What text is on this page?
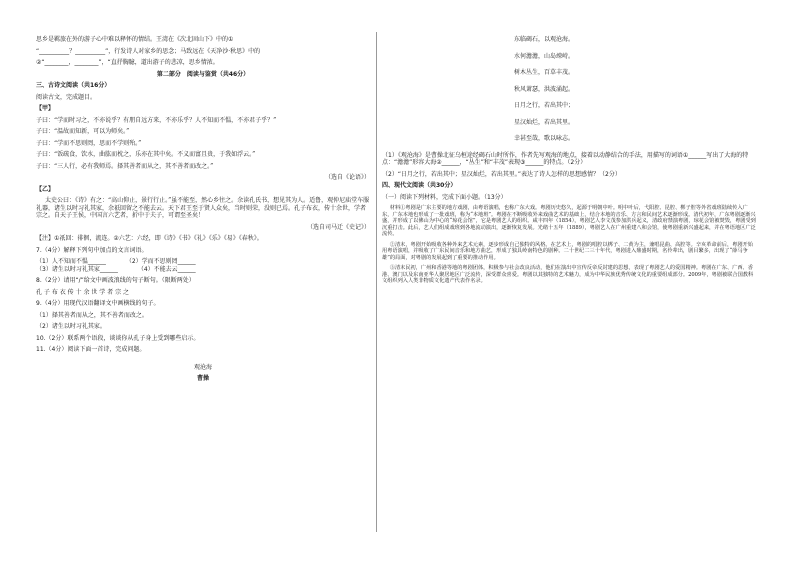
思乡是羁旅在外的游子心中难以释怀的情结。王湾在《次北固山下》中的①

“__________？__________”，行发诗人对家乡的思念；马致远在《天净沙·秋思》中的

②“________，________”，“直抒胸臆，道出游子的悲凉，思乡情浓。

第二部分　阅读与鉴赏（共46分）

三、古诗文阅读（共16分）

阅读古文，完成题目。

【甲】

子曰：“学而时习之，不亦说乎？有朋自远方来，不亦乐乎？人不知而不愠，不亦君子乎？”

子曰：“温故而知新，可以为师矣。”

子曰：“学而不思则罔，思而不学则殆。”

子曰：“饭疏食，饮水，曲肱而枕之，乐亦在其中矣。不义而富且贵，于我如浮云。”

子曰：“三人行，必有我师焉。择其善者而从之，其不善者而改之。”

（选自《论语》）

【乙】

太史公曰：《诗》有之：“高山仰止，景行行止。”虽不能至，然心乡往之。余读孔氏书，想见其为人。适鲁，观仲尼庙堂车服礼器，诸生以时习礼其家，余祇回留之不能去云。天下君王至于贤人众矣，当时则荣，没则已焉。孔子布衣，传十余世，学者宗之。自天子王侯，中国言六艺者，折中于夫子，可谓至圣矣！

（选自司马迁《史记》）

【注】①祇回：徘徊，流连。②六艺：六经，即《诗》《书》《礼》《乐》《易》《春秋》。

7.（4分）解释下列句中加点的文言词语。

（1）人不知而不愠______	（2）学而不思则罔______
（3）诸生以时习礼其家______	（4）不能去云______

8.（2分）请用“/”给文中画波浪线的句子断句。（限断两处）

孔 子 布 衣 传 十 余 世 学 者 宗 之

9.（4分）用现代汉语翻译文中画横线的句子。

（1）择其善者而从之，其不善者而改之。

（2）诸生以时习礼其家。

10.（2分）联系两个语段，谈谈你从孔子身上受到哪些启示。

11.（4分）阅读下面一首诗，完成问题。

观沧海

曹操

东临碣石，以观沧海。

水何澹澹，山岛竦峙。

树木丛生，百草丰茂。

秋风萧瑟，洪波涌起。

日月之行，若出其中；

星汉灿烂，若出其里。

幸甚至哉，歌以咏志。

（1）《观沧海》是曹操北征乌桓途经碣石山时所作，作者先写观海的地点，接着以动静结合的手法，用描写的词语①______写出了大海的特点：“澹澹”形容大海②______，“丛生”和“丰茂”表现③______的特点。（2分）

（2）“日月之行，若出其中；星汉灿烂，若出其里。”表达了诗人怎样的思想感情？（2分）

四、现代文阅读（共30分）

（一）阅读下列材料，完成下面小题。（13分）

材料①粤剧是广东主要的地方戏剧，由粤语演唱，也称广东大戏。粤剧历史悠久，起源于明朝中叶。明中叶后，弋阳腔、昆腔、梆子腔等外省戏班陆续传入广东，广东本地也形成了一批戏班，称为“本地班”。粤剧在不断吸收外来戏曲艺术的基础上，结合本地的音乐、方言和民间艺术逐渐形成。清代初年，广东粤剧逐渐兴盛，并形成了以佛山为中心的“琼花会馆”，它是粤剧艺人的组织。咸丰四年（1854），粤剧艺人李文茂参加洪兵起义，清政府禁演粤剧，琼花会馆被焚毁，粤剧受到沉重打击。此后，艺人们组成戏班到各地流动演出，逐渐恢复发展。光绪十五年（1889），粤剧艺人在广州重建八和会馆，使粤剧重新兴盛起来，并在粤语地区广泛流传。

②清末，粤剧开始吸收各种外来艺术元素，逐步形成自己独特的风格。在艺术上，粤剧的唱腔以梆子、二黄为主，兼唱昆曲、高腔等。辛亥革命前后，粤剧开始用粤语演唱，并吸收了广东民间音乐和地方曲艺，形成了独具岭南特色的剧种。二十世纪二三十年代，粤剧进入鼎盛时期，名伶辈出，剧目繁多，出现了“薛马争雄”的局面，对粤剧的发展起到了重要的推动作用。

③清末民初，广州和香港等地的粤剧团体，积极参与社会改良活动，他们在演出中宣传反帝反封建的思想，表现了粤剧艺人的爱国精神。粤剧在广东、广西、香港、澳门以及东南亚华人聚居地区广泛流传，深受群众喜爱。粤剧以其独特的艺术魅力，成为中华民族优秀传统文化的重要组成部分。2009年，粤剧被联合国教科文组织列入人类非物质文化遗产代表作名录。
